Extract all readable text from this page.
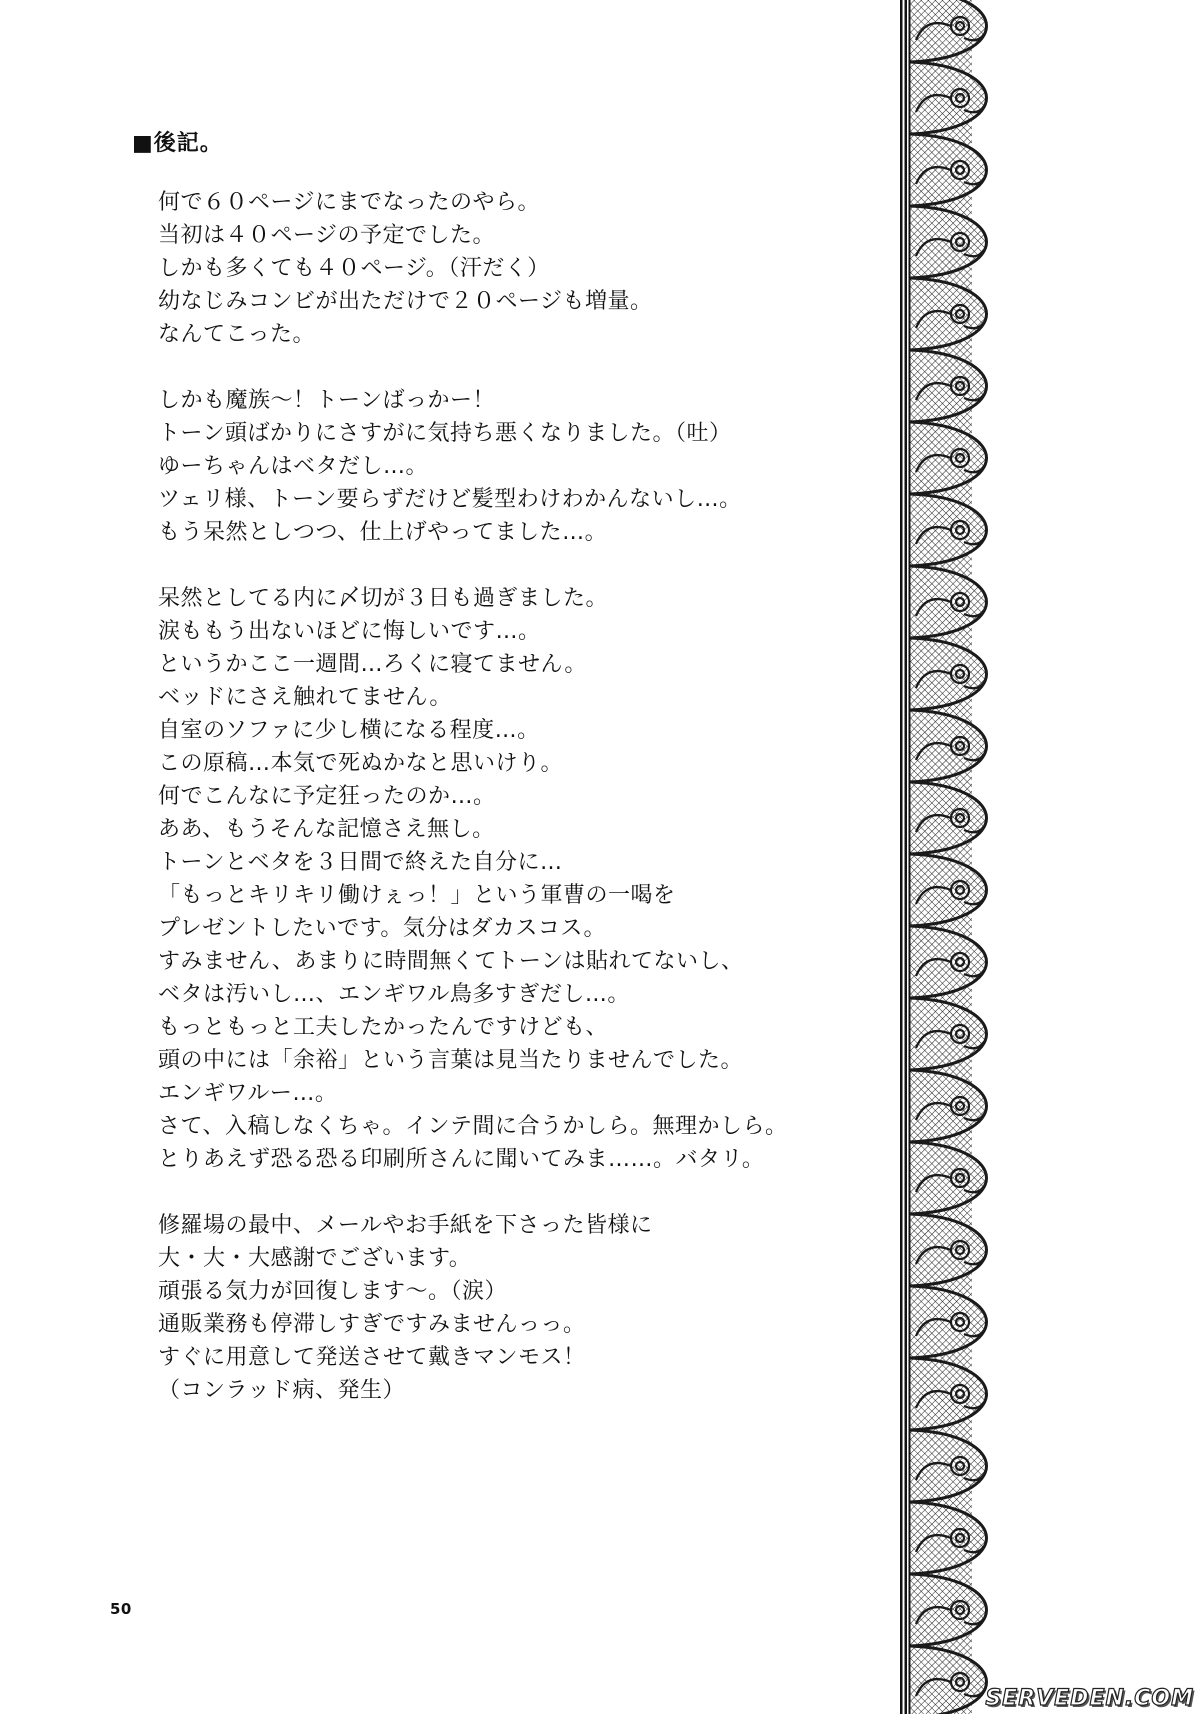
■後記。
何で６０ページにまでなったのやら。
当初は４０ページの予定でした。
しかも多くても４０ページ。（汗だく）
幼なじみコンビが出ただけで２０ページも増量。
なんてこった。
しかも魔族～！トーンばっかー！
トーン頭ばかりにさすがに気持ち悪くなりました。（吐）
ゆーちゃんはベタだし…。
ツェリ様、トーン要らずだけど髪型わけわかんないし…。
もう呆然としつつ、仕上げやってました…。
呆然としてる内に〆切が３日も過ぎました。
涙ももう出ないほどに悔しいです…。
というかここ一週間…ろくに寝てません。
ベッドにさえ触れてません。
自室のソファに少し横になる程度…。
この原稿…本気で死ぬかなと思いけり。
何でこんなに予定狂ったのか…。
ああ、もうそんな記憶さえ無し。
トーンとベタを３日間で終えた自分に…
「もっとキリキリ働けぇっ！」という軍曹の一喝を
プレゼントしたいです。気分はダカスコス。
すみません、あまりに時間無くてトーンは貼れてないし、
ベタは汚いし…、エンギワル鳥多すぎだし…。
もっともっと工夫したかったんですけども、
頭の中には「余裕」という言葉は見当たりませんでした。
エンギワルー…。
さて、入稿しなくちゃ。インテ間に合うかしら。無理かしら。
とりあえず恐る恐る印刷所さんに聞いてみま……。バタリ。
修羅場の最中、メールやお手紙を下さった皆様に
大・大・大感謝でございます。
頑張る気力が回復します～。（涙）
通販業務も停滞しすぎですみませんっっ。
すぐに用意して発送させて戴きマンモス！
（コンラッド病、発生）
50
SERVEDEN.COM
